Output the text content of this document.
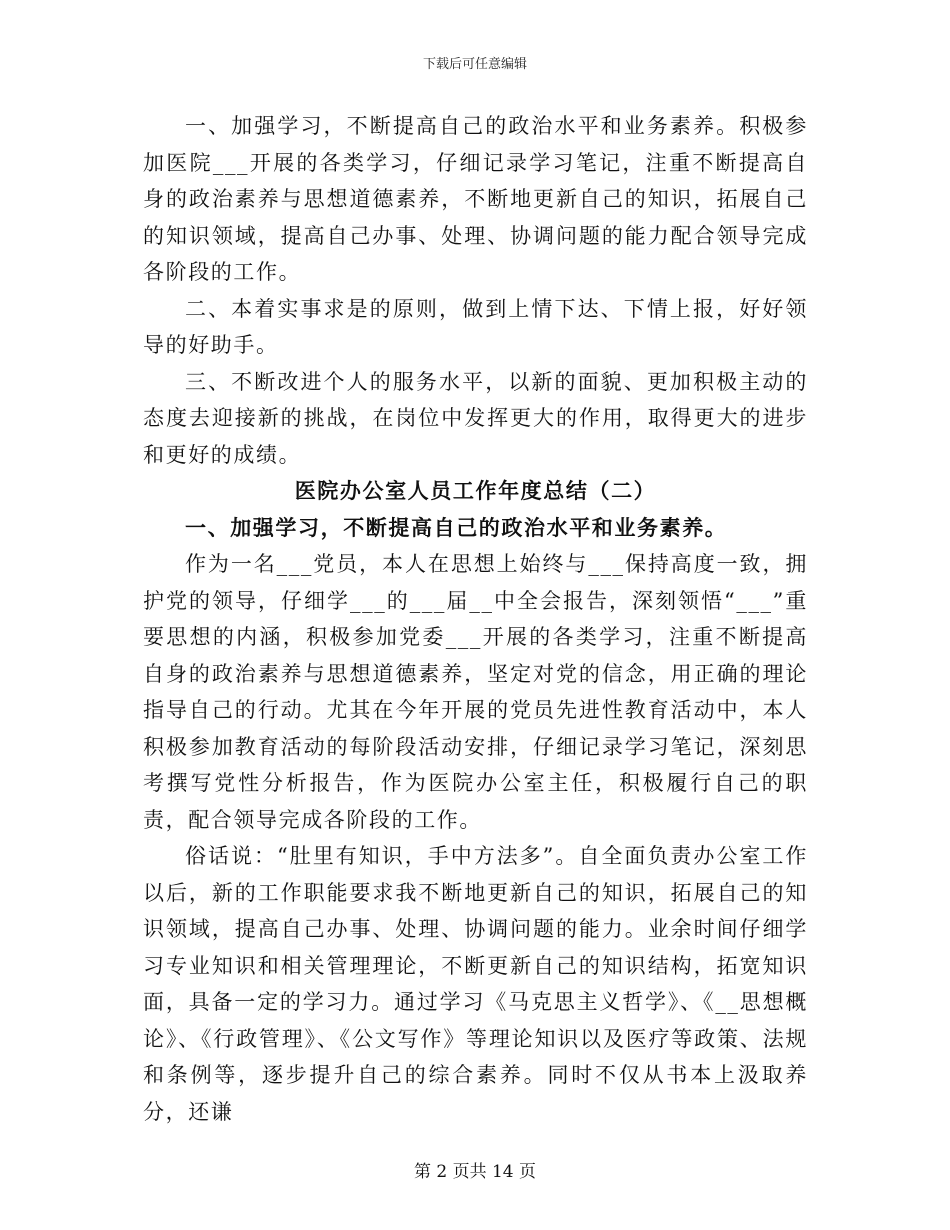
下载后可任意编辑

一、加强学习，不断提高自己的政治水平和业务素养。积极参加医院___开展的各类学习，仔细记录学习笔记，注重不断提高自身的政治素养与思想道德素养，不断地更新自己的知识，拓展自己的知识领域，提高自己办事、处理、协调问题的能力配合领导完成各阶段的工作。

二、本着实事求是的原则，做到上情下达、下情上报，好好领导的好助手。

三、不断改进个人的服务水平，以新的面貌、更加积极主动的态度去迎接新的挑战，在岗位中发挥更大的作用，取得更大的进步和更好的成绩。

医院办公室人员工作年度总结（二）

一、加强学习，不断提高自己的政治水平和业务素养。

作为一名___党员，本人在思想上始终与___保持高度一致，拥护党的领导，仔细学___的___届__中全会报告，深刻领悟“___”重要思想的内涵，积极参加党委___开展的各类学习，注重不断提高自身的政治素养与思想道德素养，坚定对党的信念，用正确的理论指导自己的行动。尤其在今年开展的党员先进性教育活动中，本人积极参加教育活动的每阶段活动安排，仔细记录学习笔记，深刻思考撰写党性分析报告，作为医院办公室主任，积极履行自己的职责，配合领导完成各阶段的工作。

俗话说：“肚里有知识，手中方法多”。自全面负责办公室工作以后，新的工作职能要求我不断地更新自己的知识，拓展自己的知识领域，提高自己办事、处理、协调问题的能力。业余时间仔细学习专业知识和相关管理理论，不断更新自己的知识结构，拓宽知识面，具备一定的学习力。通过学习《马克思主义哲学》、《__思想概论》、《行政管理》、《公文写作》等理论知识以及医疗等政策、法规和条例等，逐步提升自己的综合素养。同时不仅从书本上汲取养分，还谦

第 2 页共 14 页
